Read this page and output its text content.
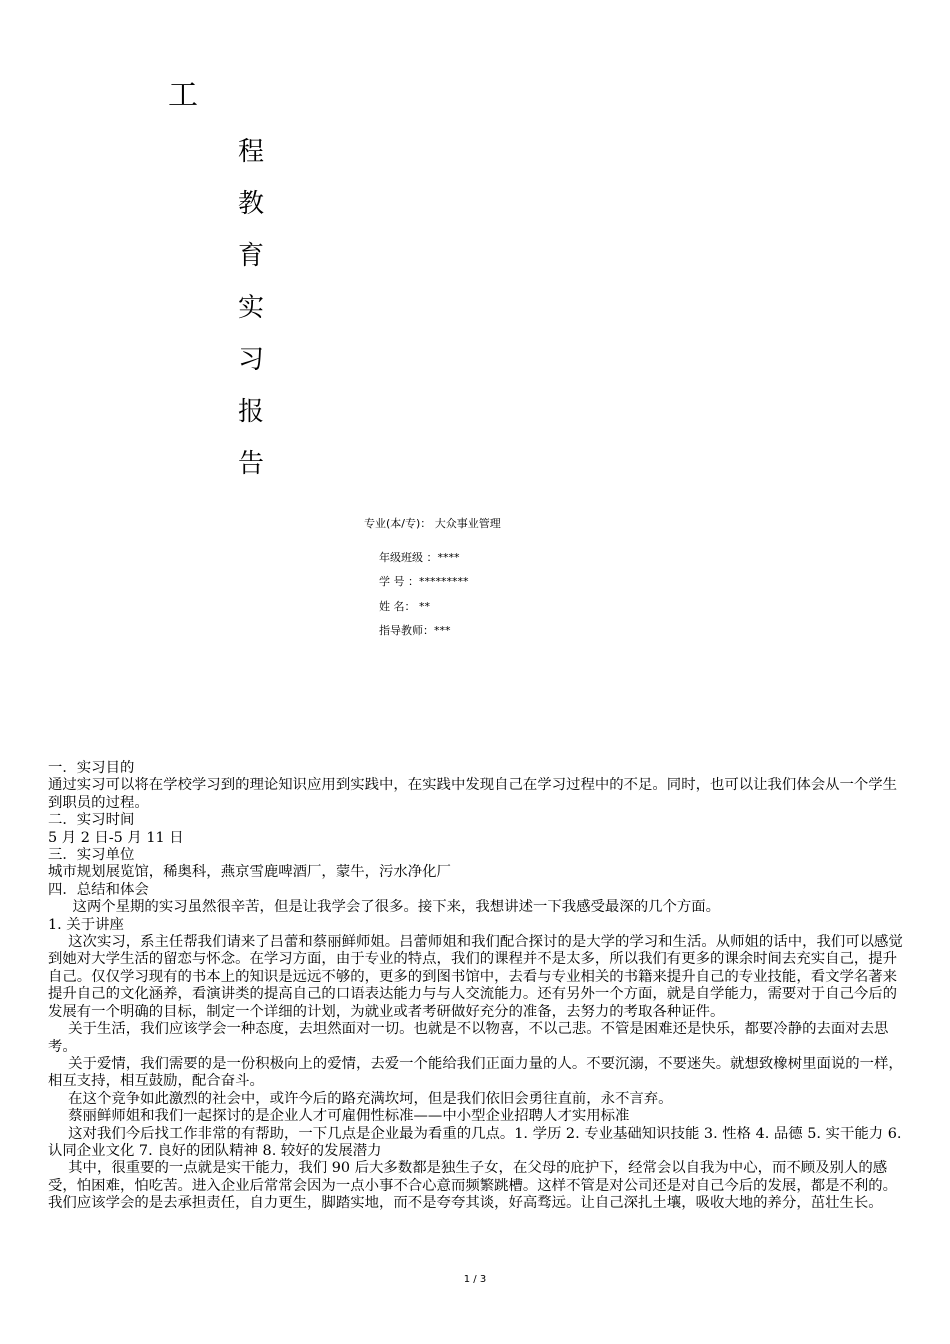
工
程
教
育
实
习
报
告
专业(本/专)： 大众事业管理
年级班级 ：****
学 号 ：*********
姓 名： **
指导教师：***

一．实习目的

通过实习可以将在学校学习到的理论知识应用到实践中，在实践中发现自己在学习过程中的不足。同时，也可以让我们体会从一个学生到职员的过程。

二．实习时间

5 月 2 日-5 月 11 日

三．实习单位

城市规划展览馆，稀奥科，燕京雪鹿啤酒厂，蒙牛，污水净化厂

四．总结和体会

这两个星期的实习虽然很辛苦，但是让我学会了很多。接下来，我想讲述一下我感受最深的几个方面。

1. 关于讲座

这次实习，系主任帮我们请来了吕蕾和蔡丽鲜师姐。吕蕾师姐和我们配合探讨的是大学的学习和生活。从师姐的话中，我们可以感觉到她对大学生活的留恋与怀念。在学习方面，由于专业的特点，我们的课程并不是太多，所以我们有更多的课余时间去充实自己，提升自己。仅仅学习现有的书本上的知识是远远不够的，更多的到图书馆中，去看与专业相关的书籍来提升自己的专业技能，看文学名著来提升自己的文化涵养，看演讲类的提高自己的口语表达能力与与人交流能力。还有另外一个方面，就是自学能力，需要对于自己今后的发展有一个明确的目标，制定一个详细的计划，为就业或者考研做好充分的准备，去努力的考取各种证件。

关于生活，我们应该学会一种态度，去坦然面对一切。也就是不以物喜，不以己悲。不管是困难还是快乐，都要冷静的去面对去思考。

关于爱情，我们需要的是一份积极向上的爱情，去爱一个能给我们正面力量的人。不要沉溺，不要迷失。就想致橡树里面说的一样，相互支持，相互鼓励，配合奋斗。

在这个竞争如此激烈的社会中，或许今后的路充满坎坷，但是我们依旧会勇往直前，永不言弃。

蔡丽鲜师姐和我们一起探讨的是企业人才可雇佣性标准——中小型企业招聘人才实用标准

这对我们今后找工作非常的有帮助，一下几点是企业最为看重的几点。1. 学历 2. 专业基础知识技能 3. 性格 4. 品德 5. 实干能力 6. 认同企业文化 7. 良好的团队精神 8. 较好的发展潜力

其中，很重要的一点就是实干能力，我们 90 后大多数都是独生子女，在父母的庇护下，经常会以自我为中心，而不顾及别人的感受，怕困难，怕吃苦。进入企业后常常会因为一点小事不合心意而频繁跳槽。这样不管是对公司还是对自己今后的发展，都是不利的。我们应该学会的是去承担责任，自力更生，脚踏实地，而不是夸夸其谈，好高骛远。让自己深扎土壤，吸收大地的养分，茁壮生长。

1 / 3
